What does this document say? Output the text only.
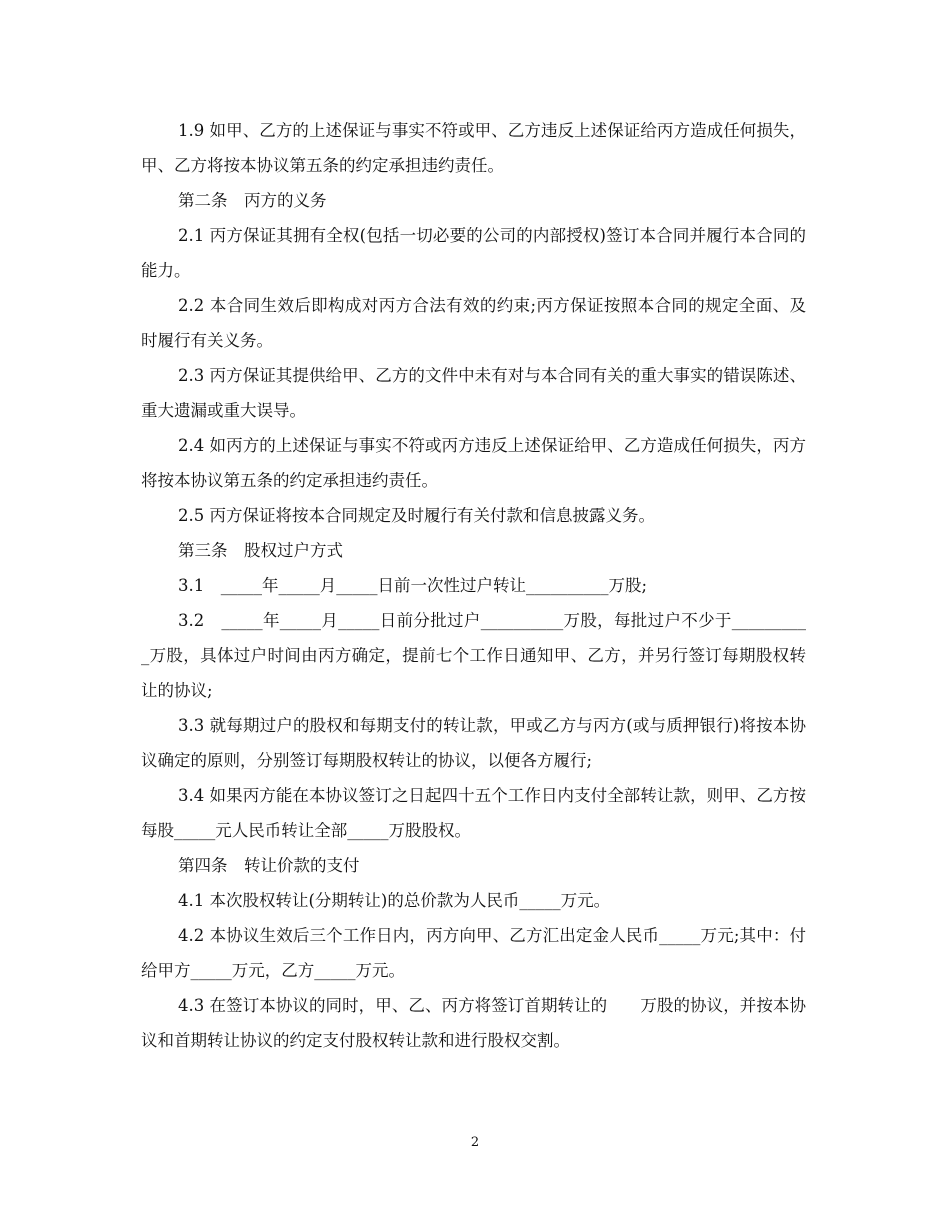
1.9 如甲、乙方的上述保证与事实不符或甲、乙方违反上述保证给丙方造成任何损失，甲、乙方将按本协议第五条的约定承担违约责任。

第二条　丙方的义务

2.1 丙方保证其拥有全权(包括一切必要的公司的内部授权)签订本合同并履行本合同的能力。

2.2 本合同生效后即构成对丙方合法有效的约束;丙方保证按照本合同的规定全面、及时履行有关义务。

2.3 丙方保证其提供给甲、乙方的文件中未有对与本合同有关的重大事实的错误陈述、重大遗漏或重大误导。

2.4 如丙方的上述保证与事实不符或丙方违反上述保证给甲、乙方造成任何损失，丙方将按本协议第五条的约定承担违约责任。

2.5 丙方保证将按本合同规定及时履行有关付款和信息披露义务。

第三条　股权过户方式

3.1　_____年_____月_____日前一次性过户转让__________万股;

3.2　_____年_____月_____日前分批过户__________万股，每批过户不少于__________万股，具体过户时间由丙方确定，提前七个工作日通知甲、乙方，并另行签订每期股权转让的协议;

3.3 就每期过户的股权和每期支付的转让款，甲或乙方与丙方(或与质押银行)将按本协议确定的原则，分别签订每期股权转让的协议，以便各方履行;

3.4 如果丙方能在本协议签订之日起四十五个工作日内支付全部转让款，则甲、乙方按每股_____元人民币转让全部_____万股股权。

第四条　转让价款的支付

4.1 本次股权转让(分期转让)的总价款为人民币_____万元。

4.2 本协议生效后三个工作日内，丙方向甲、乙方汇出定金人民币_____万元;其中：付给甲方_____万元，乙方_____万元。

4.3 在签订本协议的同时，甲、乙、丙方将签订首期转让的　　万股的协议，并按本协议和首期转让协议的约定支付股权转让款和进行股权交割。

2
